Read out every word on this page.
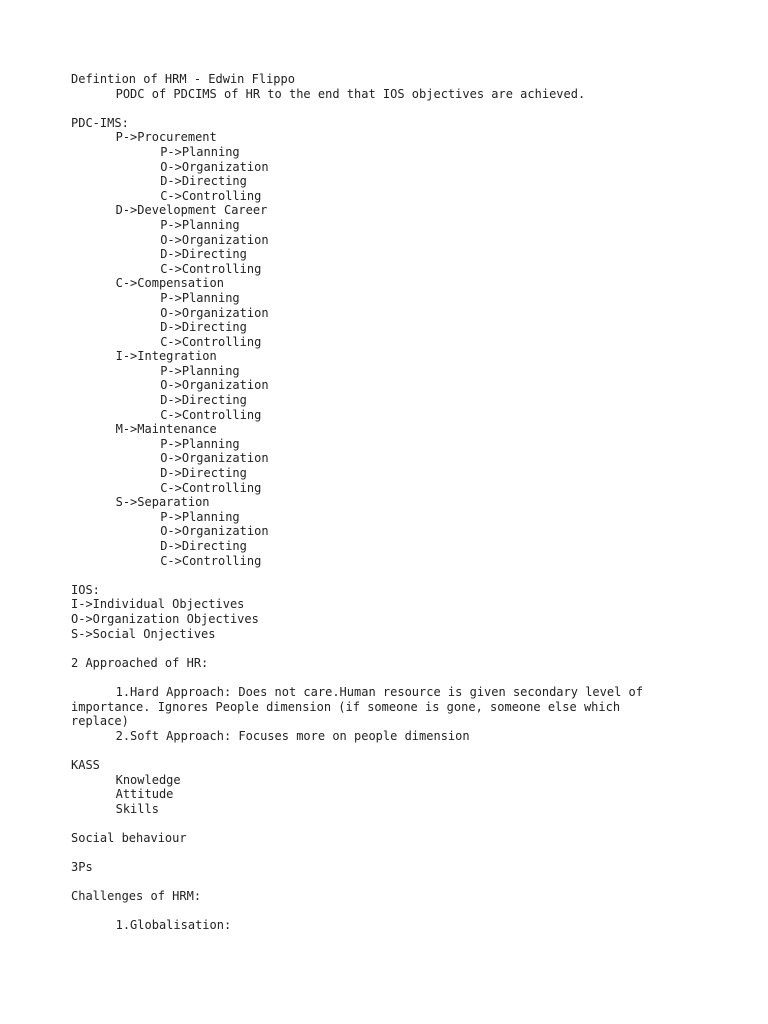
Defintion of HRM - Edwin Flippo
PODC of PDCIMS of HR to the end that IOS objectives are achieved.
PDC-IMS:
P->Procurement
P->Planning
O->Organization
D->Directing
C->Controlling
D->Development Career
P->Planning
O->Organization
D->Directing
C->Controlling
C->Compensation
P->Planning
O->Organization
D->Directing
C->Controlling
I->Integration
P->Planning
O->Organization
D->Directing
C->Controlling
M->Maintenance
P->Planning
O->Organization
D->Directing
C->Controlling
S->Separation
P->Planning
O->Organization
D->Directing
C->Controlling
IOS:
I->Individual Objectives
O->Organization Objectives
S->Social Onjectives
2 Approached of HR:
1.Hard Approach: Does not care.Human resource is given secondary level of
importance. Ignores People dimension (if someone is gone, someone else which
replace)
2.Soft Approach: Focuses more on people dimension
KASS
Knowledge
Attitude
Skills
Social behaviour
3Ps
Challenges of HRM:
1.Globalisation:
